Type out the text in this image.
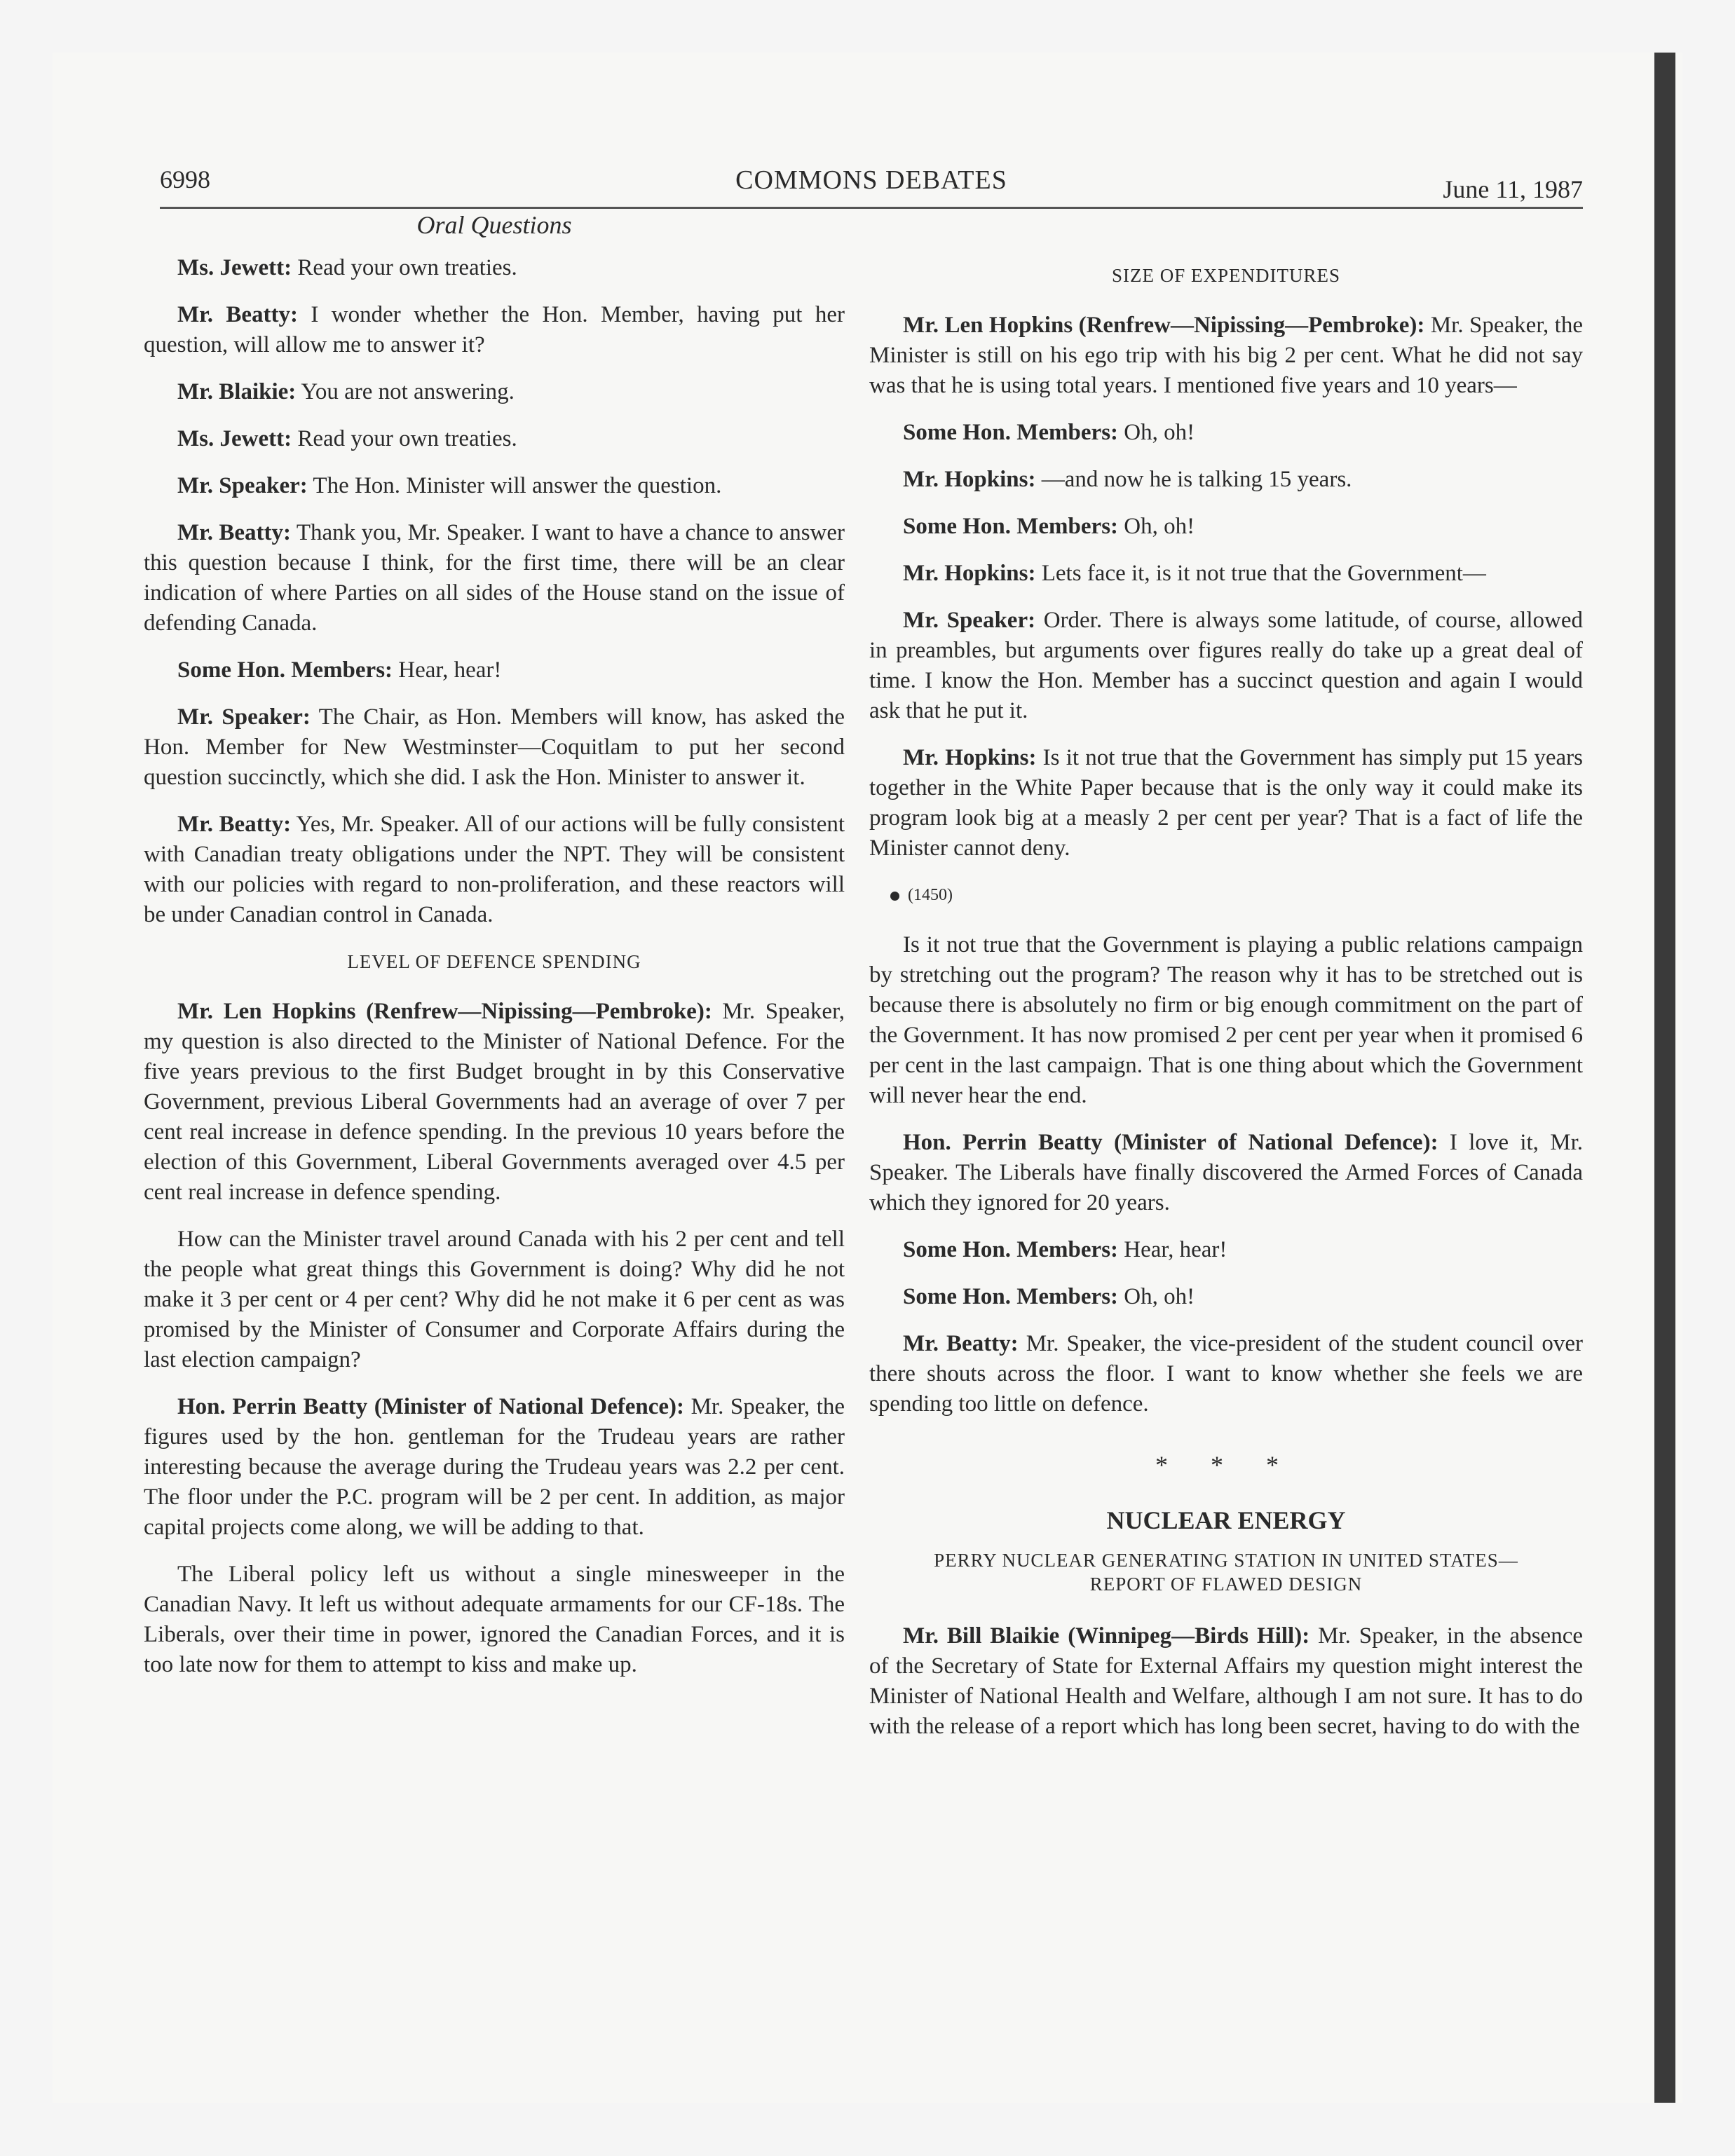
6998	COMMONS DEBATES	June 11, 1987
Oral Questions

Ms. Jewett: Read your own treaties.

Mr. Beatty: I wonder whether the Hon. Member, having put her question, will allow me to answer it?

Mr. Blaikie: You are not answering.

Ms. Jewett: Read your own treaties.

Mr. Speaker: The Hon. Minister will answer the question.

Mr. Beatty: Thank you, Mr. Speaker. I want to have a chance to answer this question because I think, for the first time, there will be an clear indication of where Parties on all sides of the House stand on the issue of defending Canada.

Some Hon. Members: Hear, hear!

Mr. Speaker: The Chair, as Hon. Members will know, has asked the Hon. Member for New Westminster—Coquitlam to put her second question succinctly, which she did. I ask the Hon. Minister to answer it.

Mr. Beatty: Yes, Mr. Speaker. All of our actions will be fully consistent with Canadian treaty obligations under the NPT. They will be consistent with our policies with regard to non-proliferation, and these reactors will be under Canadian control in Canada.

LEVEL OF DEFENCE SPENDING

Mr. Len Hopkins (Renfrew—Nipissing—Pembroke): Mr. Speaker, my question is also directed to the Minister of National Defence. For the five years previous to the first Budget brought in by this Conservative Government, previous Liberal Governments had an average of over 7 per cent real increase in defence spending. In the previous 10 years before the election of this Government, Liberal Governments averaged over 4.5 per cent real increase in defence spending.

How can the Minister travel around Canada with his 2 per cent and tell the people what great things this Government is doing? Why did he not make it 3 per cent or 4 per cent? Why did he not make it 6 per cent as was promised by the Minister of Consumer and Corporate Affairs during the last election campaign?

Hon. Perrin Beatty (Minister of National Defence): Mr. Speaker, the figures used by the hon. gentleman for the Trudeau years are rather interesting because the average during the Trudeau years was 2.2 per cent. The floor under the P.C. program will be 2 per cent. In addition, as major capital projects come along, we will be adding to that.

The Liberal policy left us without a single minesweeper in the Canadian Navy. It left us without adequate armaments for our CF-18s. The Liberals, over their time in power, ignored the Canadian Forces, and it is too late now for them to attempt to kiss and make up.

SIZE OF EXPENDITURES

Mr. Len Hopkins (Renfrew—Nipissing—Pembroke): Mr. Speaker, the Minister is still on his ego trip with his big 2 per cent. What he did not say was that he is using total years. I mentioned five years and 10 years—

Some Hon. Members: Oh, oh!

Mr. Hopkins: —and now he is talking 15 years.

Some Hon. Members: Oh, oh!

Mr. Hopkins: Lets face it, is it not true that the Government—

Mr. Speaker: Order. There is always some latitude, of course, allowed in preambles, but arguments over figures really do take up a great deal of time. I know the Hon. Member has a succinct question and again I would ask that he put it.

Mr. Hopkins: Is it not true that the Government has simply put 15 years together in the White Paper because that is the only way it could make its program look big at a measly 2 per cent per year? That is a fact of life the Minister cannot deny.

(1450)

Is it not true that the Government is playing a public relations campaign by stretching out the program? The reason why it has to be stretched out is because there is absolutely no firm or big enough commitment on the part of the Government. It has now promised 2 per cent per year when it promised 6 per cent in the last campaign. That is one thing about which the Government will never hear the end.

Hon. Perrin Beatty (Minister of National Defence): I love it, Mr. Speaker. The Liberals have finally discovered the Armed Forces of Canada which they ignored for 20 years.

Some Hon. Members: Hear, hear!

Some Hon. Members: Oh, oh!

Mr. Beatty: Mr. Speaker, the vice-president of the student council over there shouts across the floor. I want to know whether she feels we are spending too little on defence.

* * *
NUCLEAR ENERGY
PERRY NUCLEAR GENERATING STATION IN UNITED STATES—
REPORT OF FLAWED DESIGN

Mr. Bill Blaikie (Winnipeg—Birds Hill): Mr. Speaker, in the absence of the Secretary of State for External Affairs my question might interest the Minister of National Health and Welfare, although I am not sure. It has to do with the release of a report which has long been secret, having to do with the
